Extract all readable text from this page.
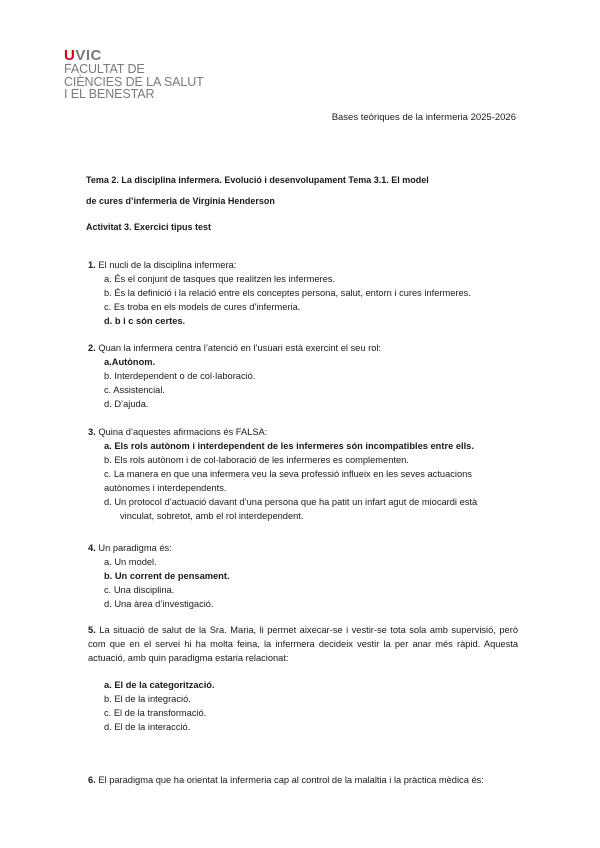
UVIC
FACULTAT DE
CIÈNCIES DE LA SALUT
I EL BENESTAR
Bases teòriques de la infermeria 2025-2026
Tema 2. La disciplina infermera. Evolució i desenvolupament Tema 3.1. El model
de cures d’infermeria de Virginia Henderson
Activitat 3. Exercici tipus test
1. El nucli de la disciplina infermera:
a. És el conjunt de tasques que realitzen les infermeres.
b. És la definició i la relació entre els conceptes persona, salut, entorn i cures infermeres.
c. Es troba en els models de cures d’infermeria.
d. b i c són certes.
2. Quan la infermera centra l’atenció en l’usuari està exercint el seu rol:
a.Autònom.
b. Interdependent o de col·laboració.
c. Assistencial.
d. D’ajuda.
3. Quina d’aquestes afirmacions és FALSA:
a. Els rols autònom i interdependent de les infermeres són incompatibles entre ells.
b. Els rols autònom i de col·laboració de les infermeres es complementen.
c. La manera en que una infermera veu la seva professió influeix en les seves actuacions
autònomes i interdependents.
d. Un protocol d’actuació davant d’una persona que ha patit un infart agut de miocardi està
vinculat, sobretot, amb el rol interdependent.
4. Un paradigma és:
a. Un model.
b. Un corrent de pensament.
c. Una disciplina.
d. Una àrea d’investigació.
5. La situació de salut de la Sra. Maria, li permet aixecar-se i vestir-se tota sola amb supervisió, però com que en el servei hi ha molta feina, la infermera decideix vestir la per anar més ràpid. Aquesta actuació, amb quin paradigma estaria relacionat:
a. El de la categorització.
b. El de la integració.
c. El de la transformació.
d. El de la interacció.
6. El paradigma que ha orientat la infermeria cap al control de la malaltia i la pràctica mèdica és:
